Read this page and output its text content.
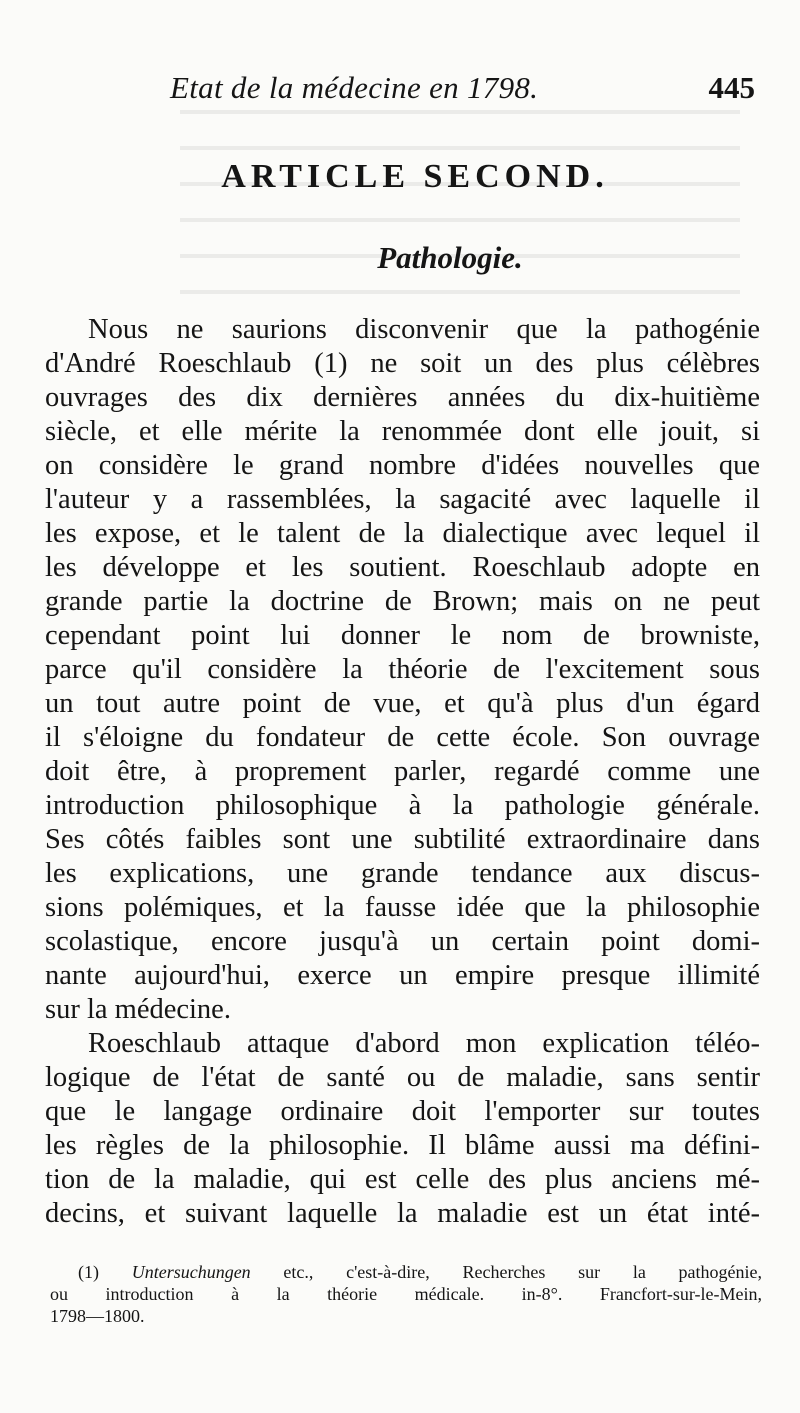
Etat de la médecine en 1798.	445
ARTICLE SECOND.
Pathologie.
Nous ne saurions disconvenir que la pathogénie
d'André Roeschlaub (1) ne soit un des plus célèbres
ouvrages des dix dernières années du dix-huitième
siècle, et elle mérite la renommée dont elle jouit, si
on considère le grand nombre d'idées nouvelles que
l'auteur y a rassemblées, la sagacité avec laquelle il
les expose, et le talent de la dialectique avec lequel il
les développe et les soutient. Roeschlaub adopte en
grande partie la doctrine de Brown; mais on ne peut
cependant point lui donner le nom de browniste,
parce qu'il considère la théorie de l'excitement sous
un tout autre point de vue, et qu'à plus d'un égard
il s'éloigne du fondateur de cette école. Son ouvrage
doit être, à proprement parler, regardé comme une
introduction philosophique à la pathologie générale.
Ses côtés faibles sont une subtilité extraordinaire dans
les explications, une grande tendance aux discus-
sions polémiques, et la fausse idée que la philosophie
scolastique, encore jusqu'à un certain point domi-
nante aujourd'hui, exerce un empire presque illimité
sur la médecine.
Roeschlaub attaque d'abord mon explication téléo-
logique de l'état de santé ou de maladie, sans sentir
que le langage ordinaire doit l'emporter sur toutes
les règles de la philosophie. Il blâme aussi ma défini-
tion de la maladie, qui est celle des plus anciens mé-
decins, et suivant laquelle la maladie est un état inté-
(1) Untersuchungen etc., c'est-à-dire, Recherches sur la pathogénie,
ou introduction à la théorie médicale. in-8°. Francfort-sur-le-Mein,
1798—1800.
